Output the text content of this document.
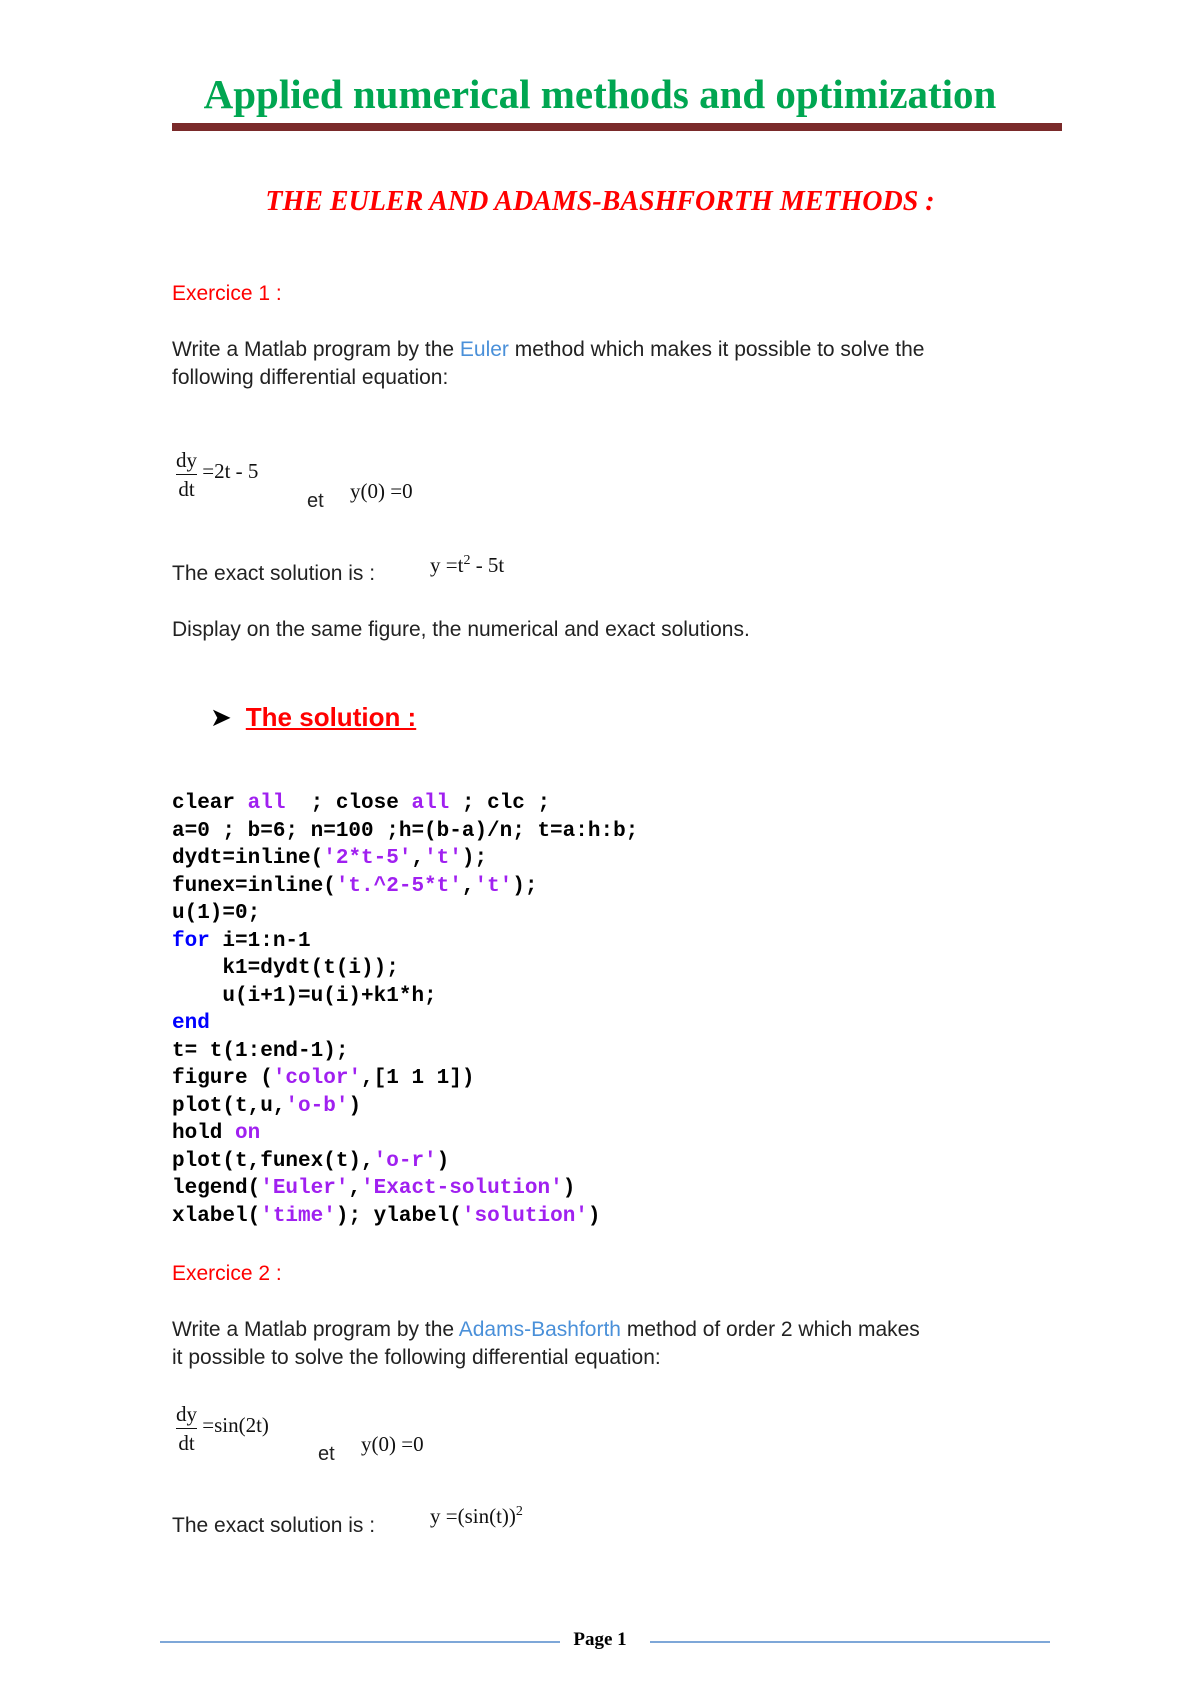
Applied numerical methods and optimization
THE EULER AND ADAMS-BASHFORTH METHODS :
Exercice 1 :
Write a Matlab program by the Euler method which makes it possible to solve the
following differential equation:
$\frac{dy}{dt} =2t - 5$
et y(0) =0
The exact solution is :	$y =t^2 - 5t$
Display on the same figure, the numerical and exact solutions.
➤ The solution :
clear all  ; close all ; clc ;
a=0 ; b=6; n=100 ;h=(b-a)/n; t=a:h:b;
dydt=inline('2*t-5','t');
funex=inline('t.^2-5*t','t');
u(1)=0;
for i=1:n-1
k1=dydt(t(i));
u(i+1)=u(i)+k1*h;
end
t= t(1:end-1);
figure ('color',[1 1 1])
plot(t,u,'o-b')
hold on
plot(t,funex(t),'o-r')
legend('Euler','Exact-solution')
xlabel('time'); ylabel('solution')
Exercice 2 :
Write a Matlab program by the Adams-Bashforth method of order 2 which makes
it possible to solve the following differential equation:
$\frac{dy}{dt} =\sin(2t)$
et y(0) =0
The exact solution is :	$y =(\sin(t))^2$
Page 1
